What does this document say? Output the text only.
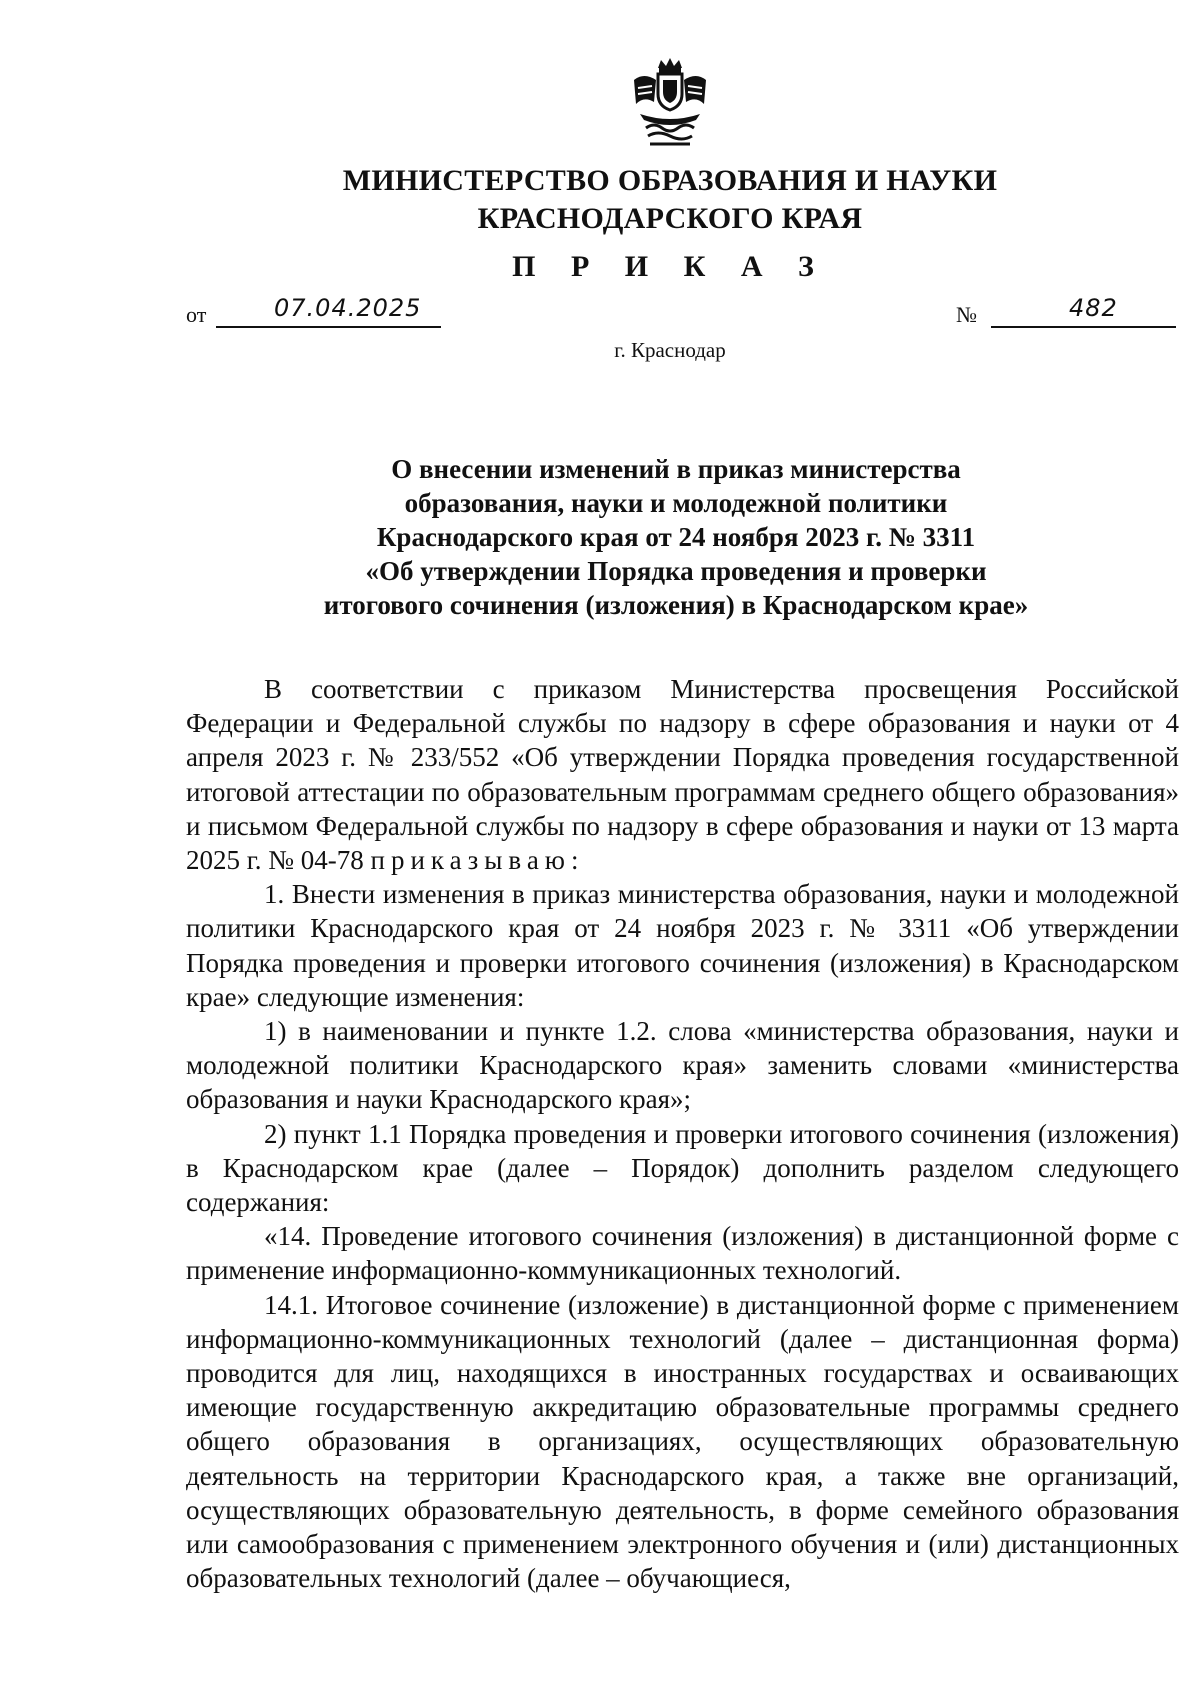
МИНИСТЕРСТВО ОБРАЗОВАНИЯ И НАУКИ
КРАСНОДАРСКОГО КРАЯ
П Р И К А З
от	07.04.2025	№	482
г. Краснодар
О внесении изменений в приказ министерства
образования, науки и молодежной политики
Краснодарского края от 24 ноября 2023 г. № 3311
«Об утверждении Порядка проведения и проверки
итогового сочинения (изложения) в Краснодарском крае»

В соответствии с приказом Министерства просвещения Российской Федерации и Федеральной службы по надзору в сфере образования и науки от 4 апреля 2023 г. № 233/552 «Об утверждении Порядка проведения государственной итоговой аттестации по образовательным программам среднего общего образования» и письмом Федеральной службы по надзору в сфере образования и науки от 13 марта 2025 г. № 04-78 приказываю:

1. Внести изменения в приказ министерства образования, науки и молодежной политики Краснодарского края от 24 ноября 2023 г. № 3311 «Об утверждении Порядка проведения и проверки итогового сочинения (изложения) в Краснодарском крае» следующие изменения:

1) в наименовании и пункте 1.2. слова «министерства образования, науки и молодежной политики Краснодарского края» заменить словами «министерства образования и науки Краснодарского края»;

2) пункт 1.1 Порядка проведения и проверки итогового сочинения (изложения) в Краснодарском крае (далее – Порядок) дополнить разделом следующего содержания:

«14. Проведение итогового сочинения (изложения) в дистанционной форме с применение информационно-коммуникационных технологий.

14.1. Итоговое сочинение (изложение) в дистанционной форме с применением информационно-коммуникационных технологий (далее – дистанционная форма) проводится для лиц, находящихся в иностранных государствах и осваивающих имеющие государственную аккредитацию образовательные программы среднего общего образования в организациях, осуществляющих образовательную деятельность на территории Краснодарского края, а также вне организаций, осуществляющих образовательную деятельность, в форме семейного образования или самообразования с применением электронного обучения и (или) дистанционных образовательных технологий (далее – обучающиеся,
